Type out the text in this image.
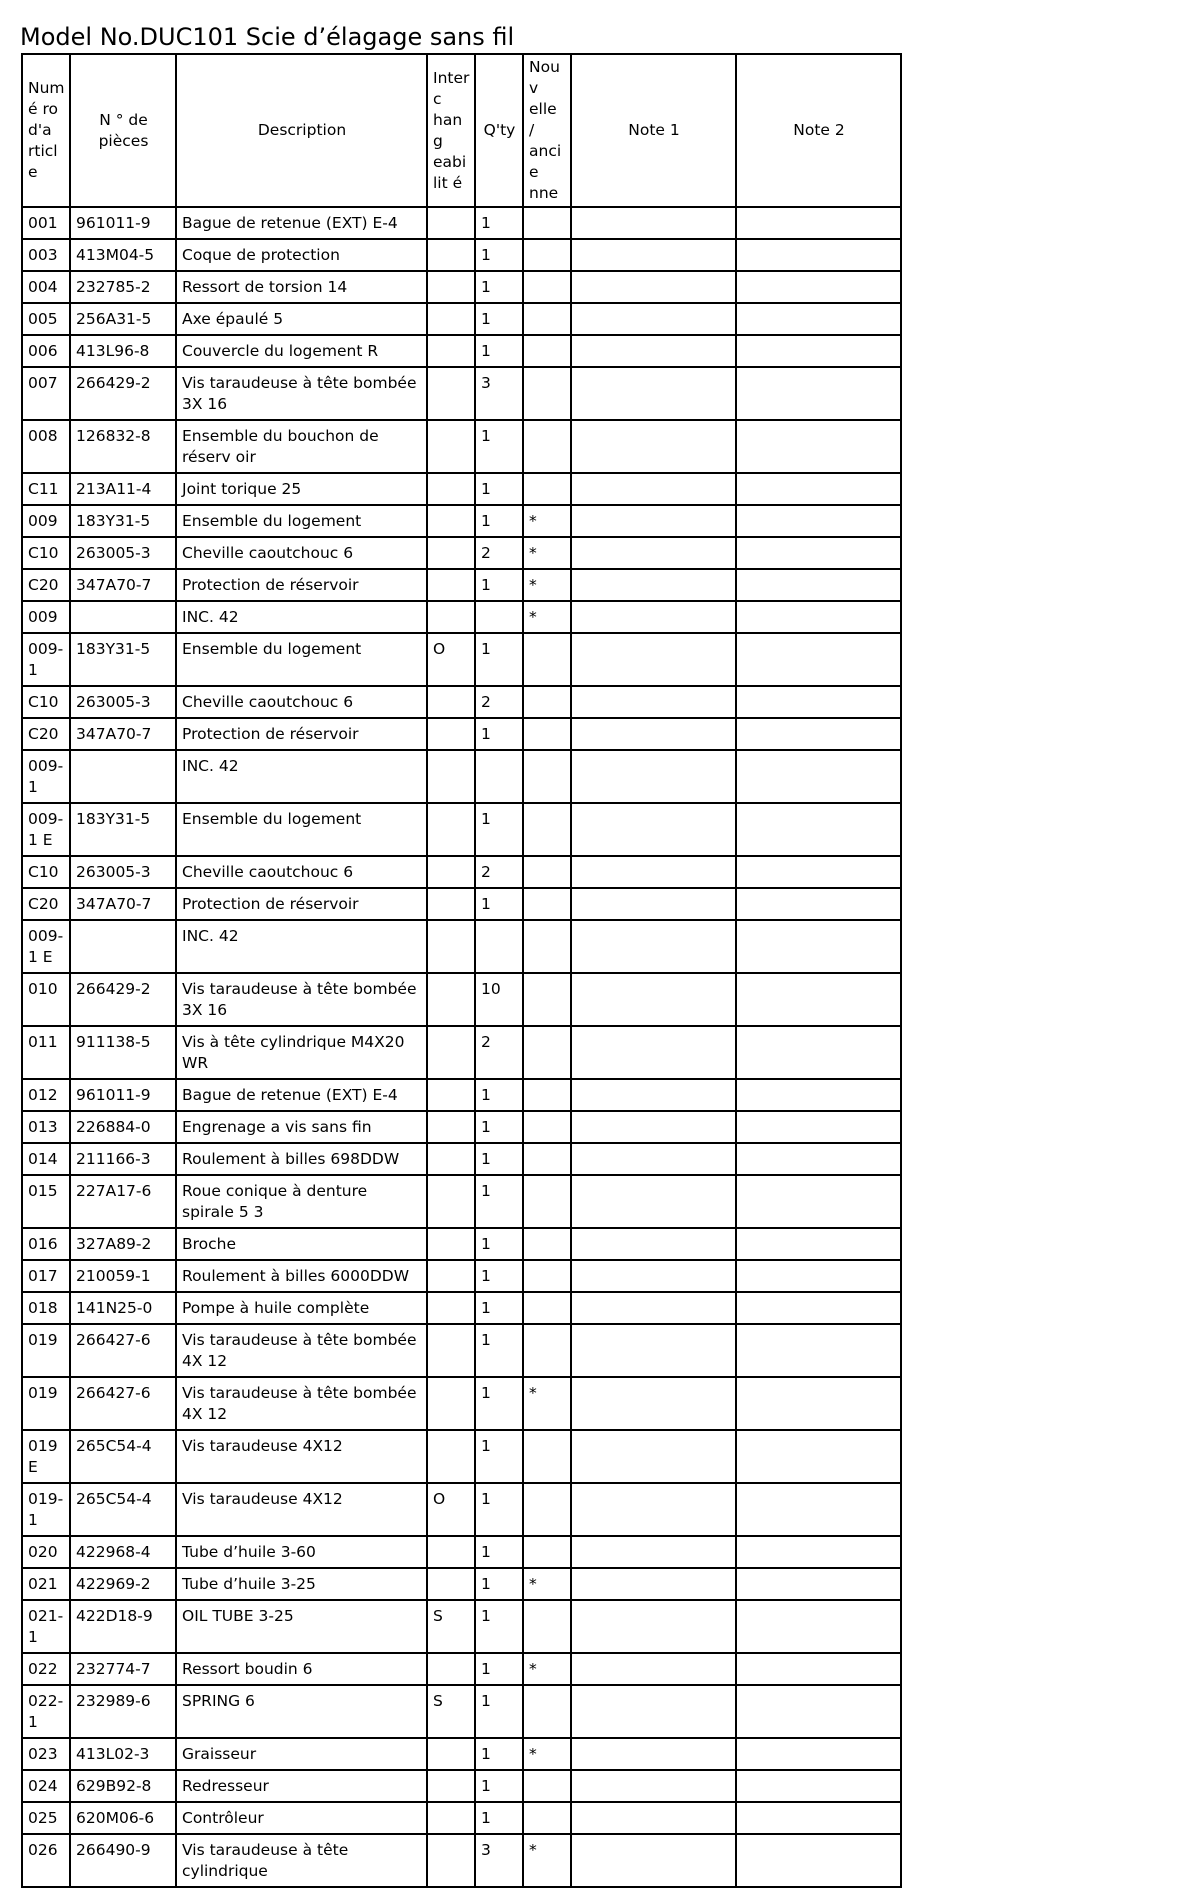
Model No.DUC101 Scie d’élagage sans fil
Numé ro d'a rticle	N ° de pièces	Description	Interc hang eabilit é	Q'ty	Nouv elle / ancie nne	Note 1	Note 2
001	961011-9	Bague de retenue (EXT) E-4		1			
003	413M04-5	Coque de protection		1			
004	232785-2	Ressort de torsion 14		1			
005	256A31-5	Axe épaulé 5		1			
006	413L96-8	Couvercle du logement R		1			
007	266429-2	Vis taraudeuse à tête bombée 3X 16		3			
008	126832-8	Ensemble du bouchon de réserv oir		1			
C11	213A11-4	Joint torique 25		1			
009	183Y31-5	Ensemble du logement		1	*		
C10	263005-3	Cheville caoutchouc 6		2	*		
C20	347A70-7	Protection de réservoir		1	*		
009		INC. 42			*		
009-1	183Y31-5	Ensemble du logement	O	1			
C10	263005-3	Cheville caoutchouc 6		2			
C20	347A70-7	Protection de réservoir		1			
009-1		INC. 42					
009-1 E	183Y31-5	Ensemble du logement		1			
C10	263005-3	Cheville caoutchouc 6		2			
C20	347A70-7	Protection de réservoir		1			
009-1 E		INC. 42					
010	266429-2	Vis taraudeuse à tête bombée 3X 16		10			
011	911138-5	Vis à tête cylindrique M4X20 WR		2			
012	961011-9	Bague de retenue (EXT) E-4		1			
013	226884-0	Engrenage a vis sans fin		1			
014	211166-3	Roulement à billes 698DDW		1			
015	227A17-6	Roue conique à denture spirale 5 3		1			
016	327A89-2	Broche		1			
017	210059-1	Roulement à billes 6000DDW		1			
018	141N25-0	Pompe à huile complète		1			
019	266427-6	Vis taraudeuse à tête bombée 4X 12		1			
019	266427-6	Vis taraudeuse à tête bombée 4X 12		1	*		
019E	265C54-4	Vis taraudeuse 4X12		1			
019-1	265C54-4	Vis taraudeuse 4X12	O	1			
020	422968-4	Tube d’huile 3-60		1			
021	422969-2	Tube d’huile 3-25		1	*		
021-1	422D18-9	OIL TUBE 3-25	S	1			
022	232774-7	Ressort boudin 6		1	*		
022-1	232989-6	SPRING 6	S	1			
023	413L02-3	Graisseur		1	*		
024	629B92-8	Redresseur		1			
025	620M06-6	Contrôleur		1			
026	266490-9	Vis taraudeuse à tête cylindrique		3	*		
